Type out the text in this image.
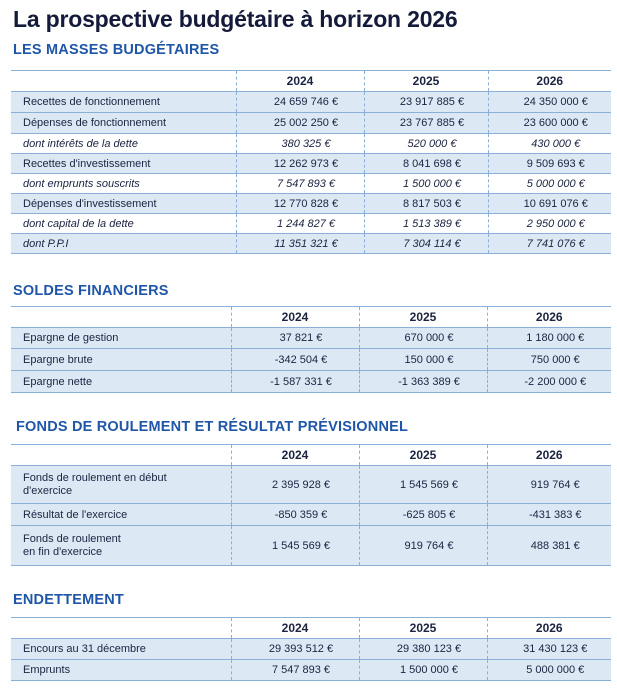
La prospective budgétaire à horizon 2026
LES MASSES BUDGÉTAIRES
	2024	2025	2026
Recettes de fonctionnement	24 659 746 €	23 917 885 €	24 350 000 €
Dépenses de fonctionnement	25 002 250 €	23 767 885 €	23 600 000 €
dont intérêts de la dette	380 325 €	520 000 €	430 000 €
Recettes d'investissement	12 262 973 €	8 041 698 €	9 509 693 €
dont emprunts souscrits	7 547 893 €	1 500 000 €	5 000 000 €
Dépenses d'investissement	12 770 828 €	8 817 503 €	10 691 076 €
dont capital de la dette	1 244 827 €	1 513 389 €	2 950 000 €
dont P.P.I	11 351 321 €	7 304 114 €	7 741 076 €
SOLDES FINANCIERS
	2024	2025	2026
Epargne de gestion	37 821 €	670 000 €	1 180 000 €
Epargne brute	-342 504 €	150 000 €	750 000 €
Epargne nette	-1 587 331 €	-1 363 389 €	-2 200 000 €
FONDS DE ROULEMENT ET RÉSULTAT PRÉVISIONNEL
	2024	2025	2026

Fonds de roulement en début
d'exercice	2 395 928 €	1 545 569 €	919 764 €
Résultat de l'exercice	-850 359 €	-625 805 €	-431 383 €

Fonds de roulement
en fin d'exercice	1 545 569 €	919 764 €	488 381 €
ENDETTEMENT
	2024	2025	2026
Encours au 31 décembre	29 393 512 €	29 380 123 €	31 430 123 €
Emprunts	7 547 893 €	1 500 000 €	5 000 000 €
